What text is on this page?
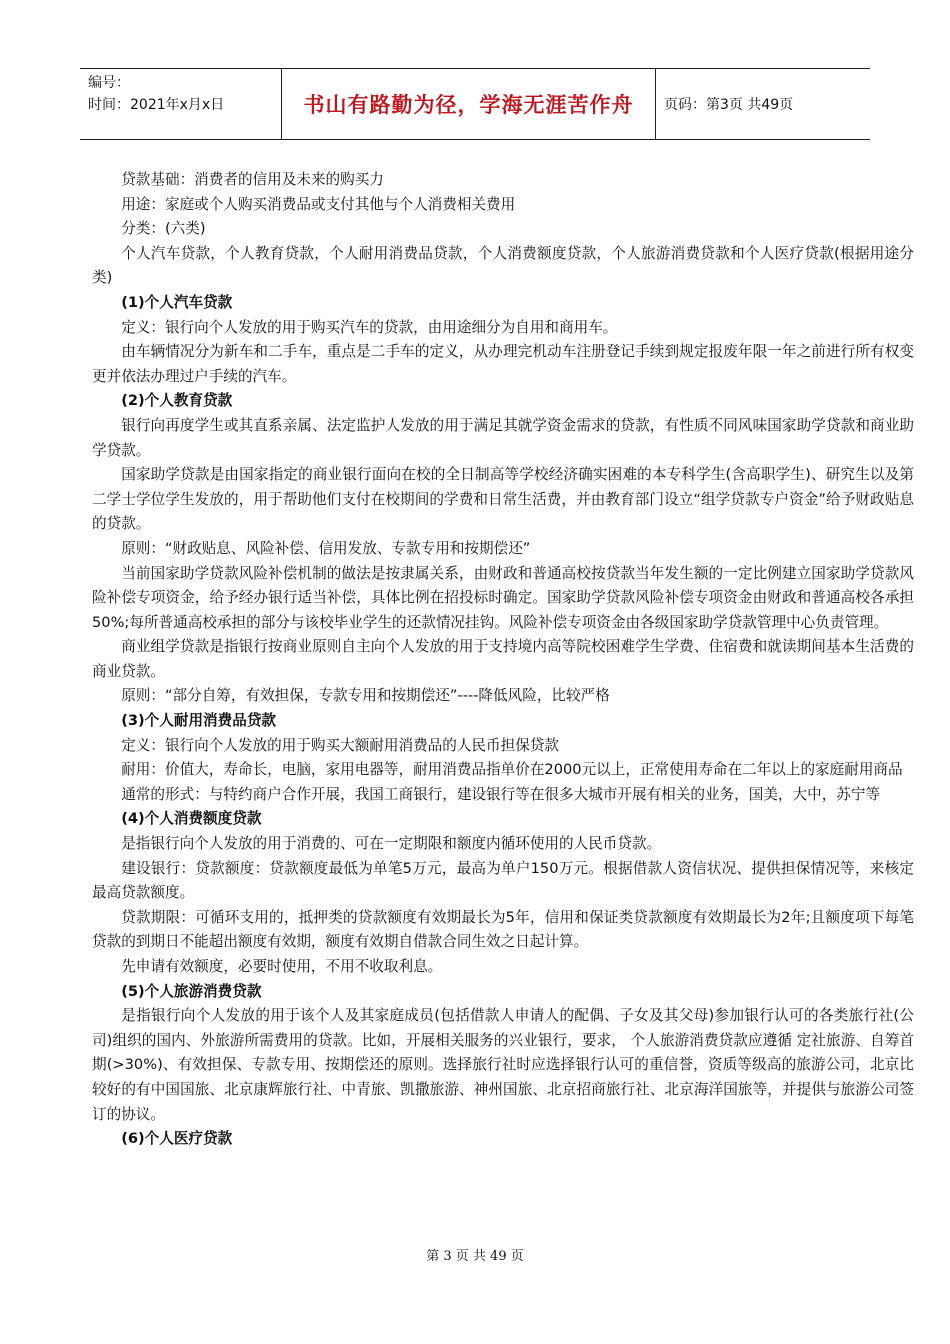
编号：
时间：2021年x月x日	书山有路勤为径，学海无涯苦作舟	页码：第3页 共49页

贷款基础：消费者的信用及未来的购买力

用途：家庭或个人购买消费品或支付其他与个人消费相关费用

分类：(六类)

个人汽车贷款，个人教育贷款，个人耐用消费品贷款，个人消费额度贷款，个人旅游消费贷款和个人医疗贷款(根据用途分类)

(1)个人汽车贷款

定义：银行向个人发放的用于购买汽车的贷款，由用途细分为自用和商用车。

由车辆情况分为新车和二手车，重点是二手车的定义，从办理完机动车注册登记手续到规定报废年限一年之前进行所有权变更并依法办理过户手续的汽车。

(2)个人教育贷款

银行向再度学生或其直系亲属、法定监护人发放的用于满足其就学资金需求的贷款，有性质不同风味国家助学贷款和商业助学贷款。

国家助学贷款是由国家指定的商业银行面向在校的全日制高等学校经济确实困难的本专科学生(含高职学生)、研究生以及第二学士学位学生发放的，用于帮助他们支付在校期间的学费和日常生活费，并由教育部门设立“组学贷款专户资金”给予财政贴息的贷款。

原则：“财政贴息、风险补偿、信用发放、专款专用和按期偿还”

当前国家助学贷款风险补偿机制的做法是按隶属关系，由财政和普通高校按贷款当年发生额的一定比例建立国家助学贷款风险补偿专项资金，给予经办银行适当补偿，具体比例在招投标时确定。国家助学贷款风险补偿专项资金由财政和普通高校各承担50%;每所普通高校承担的部分与该校毕业学生的还款情况挂钩。风险补偿专项资金由各级国家助学贷款管理中心负责管理。

商业组学贷款是指银行按商业原则自主向个人发放的用于支持境内高等院校困难学生学费、住宿费和就读期间基本生活费的商业贷款。

原则：“部分自筹，有效担保，专款专用和按期偿还”----降低风险，比较严格

(3)个人耐用消费品贷款

定义：银行向个人发放的用于购买大额耐用消费品的人民币担保贷款

耐用：价值大，寿命长，电脑，家用电器等，耐用消费品指单价在2000元以上，正常使用寿命在二年以上的家庭耐用商品

通常的形式：与特约商户合作开展，我国工商银行，建设银行等在很多大城市开展有相关的业务，国美，大中，苏宁等

(4)个人消费额度贷款

是指银行向个人发放的用于消费的、可在一定期限和额度内循环使用的人民币贷款。

建设银行：贷款额度：贷款额度最低为单笔5万元，最高为单户150万元。根据借款人资信状况、提供担保情况等，来核定最高贷款额度。

贷款期限：可循环支用的，抵押类的贷款额度有效期最长为5年，信用和保证类贷款额度有效期最长为2年;且额度项下每笔贷款的到期日不能超出额度有效期，额度有效期自借款合同生效之日起计算。

先申请有效额度，必要时使用，不用不收取利息。

(5)个人旅游消费贷款

是指银行向个人发放的用于该个人及其家庭成员(包括借款人申请人的配偶、子女及其父母)参加银行认可的各类旅行社(公司)组织的国内、外旅游所需费用的贷款。比如，开展相关服务的兴业银行，要求， 个人旅游消费贷款应遵循 定社旅游、自筹首期(>30%)、有效担保、专款专用、按期偿还的原则。选择旅行社时应选择银行认可的重信誉，资质等级高的旅游公司，北京比较好的有中国国旅、北京康辉旅行社、中青旅、凯撒旅游、神州国旅、北京招商旅行社、北京海洋国旅等，并提供与旅游公司签订的协议。

(6)个人医疗贷款

第 3 页 共 49 页
